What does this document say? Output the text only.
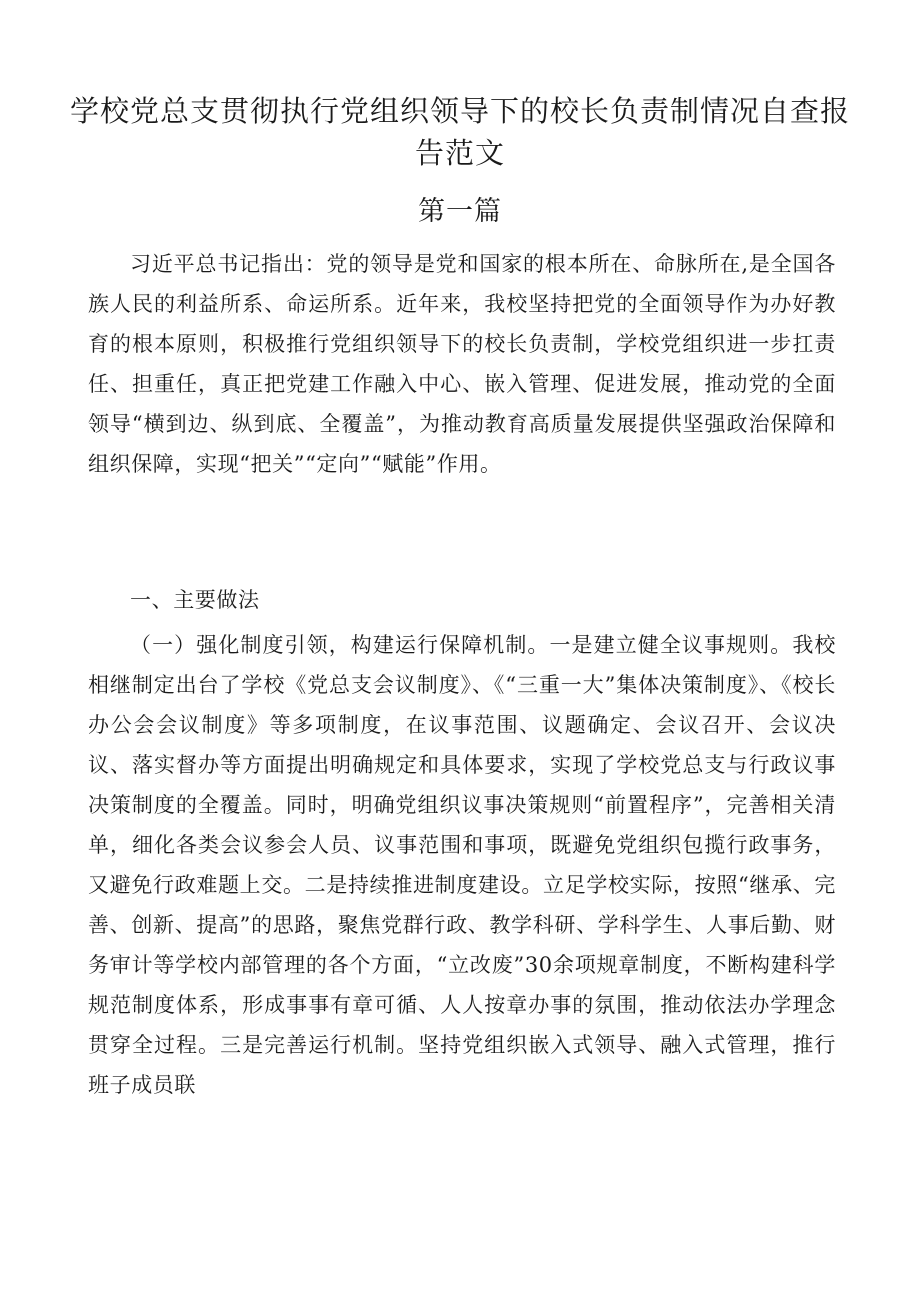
学校党总支贯彻执行党组织领导下的校长负责制情况自查报告范文
第一篇

习近平总书记指出：党的领导是党和国家的根本所在、命脉所在,是全国各族人民的利益所系、命运所系。近年来，我校坚持把党的全面领导作为办好教育的根本原则，积极推行党组织领导下的校长负责制，学校党组织进一步扛责任、担重任，真正把党建工作融入中心、嵌入管理、促进发展，推动党的全面领导“横到边、纵到底、全覆盖”，为推动教育高质量发展提供坚强政治保障和组织保障，实现“把关”“定向”“赋能”作用。

一、主要做法

（一）强化制度引领，构建运行保障机制。一是建立健全议事规则。我校相继制定出台了学校《党总支会议制度》、《“三重一大”集体决策制度》、《校长办公会会议制度》等多项制度，在议事范围、议题确定、会议召开、会议决议、落实督办等方面提出明确规定和具体要求，实现了学校党总支与行政议事决策制度的全覆盖。同时，明确党组织议事决策规则“前置程序”，完善相关清单，细化各类会议参会人员、议事范围和事项，既避免党组织包揽行政事务，又避免行政难题上交。二是持续推进制度建设。立足学校实际，按照“继承、完善、创新、提高”的思路，聚焦党群行政、教学科研、学科学生、人事后勤、财务审计等学校内部管理的各个方面，“立改废”30余项规章制度，不断构建科学规范制度体系，形成事事有章可循、人人按章办事的氛围，推动依法办学理念贯穿全过程。三是完善运行机制。坚持党组织嵌入式领导、融入式管理，推行班子成员联
